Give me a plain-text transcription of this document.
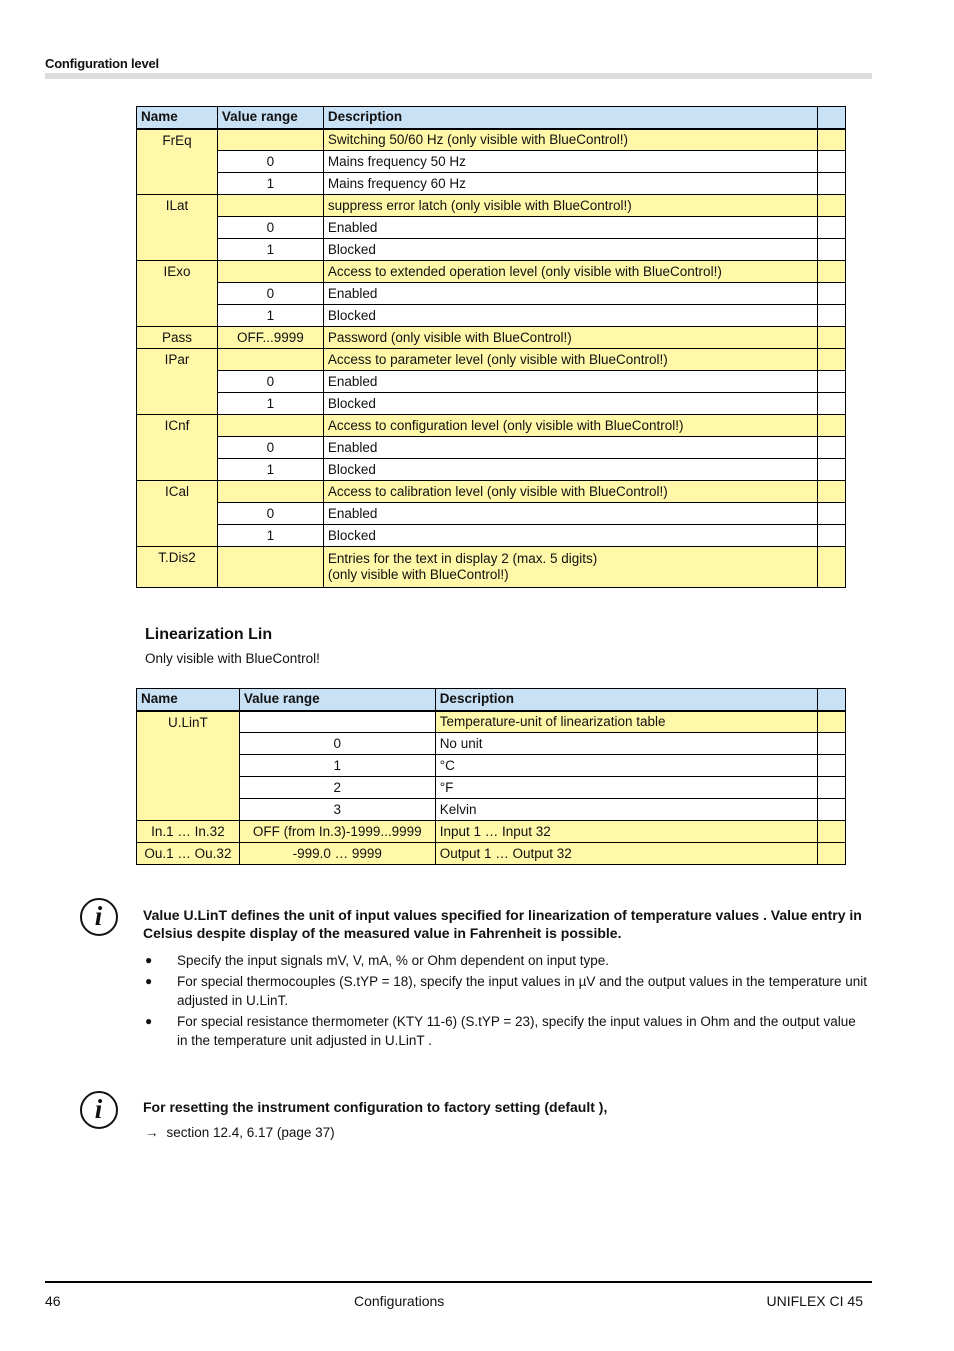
Configuration level
Name	Value range	Description	
FrEq		Switching 50/60 Hz (only visible with BlueControl!)	
	0	Mains frequency 50 Hz	
	1	Mains frequency 60 Hz	
ILat		suppress error latch (only visible with BlueControl!)	
	0	Enabled	
	1	Blocked	
IExo		Access to extended operation level (only visible with BlueControl!)	
	0	Enabled	
	1	Blocked	
Pass	OFF...9999	Password (only visible with BlueControl!)	
IPar		Access to parameter level (only visible with BlueControl!)	
	0	Enabled	
	1	Blocked	
ICnf		Access to configuration level (only visible with BlueControl!)	
	0	Enabled	
	1	Blocked	
ICal		Access to calibration level (only visible with BlueControl!)	
	0	Enabled	
	1	Blocked	
T.Dis2		Entries for the text in display 2 (max. 5 digits)
(only visible with BlueControl!)	

Linearization Lin
Only visible with BlueControl!
Name	Value range	Description	
U.LinT		Temperature-unit of linearization table	
	0	No unit	
	1	°C	
	2	°F	
	3	Kelvin	
In.1 … In.32	OFF (from In.3)-1999...9999	Input 1 … Input 32	
Ou.1 … Ou.32	-999.0 … 9999	Output 1 … Output 32	
i	Value U.LinT defines the unit of input values specified for linearization of temperature values . Value entry in Celsius despite display of the measured value in Fahrenheit is possible.
● Specify the input signals mV, V, mA, % or Ohm dependent on input type.
● For special thermocouples (S.tYP = 18), specify the input values in µV and the output values in the temperature unit adjusted in U.LinT.
● For special resistance thermometer (KTY 11-6) (S.tYP = 23), specify the input values in Ohm and the output value in the temperature unit adjusted in U.LinT .
i	For resetting the instrument configuration to factory setting (default ),
→ section 12.4, 6.17 (page 37)
46	Configurations	UNIFLEX CI 45
